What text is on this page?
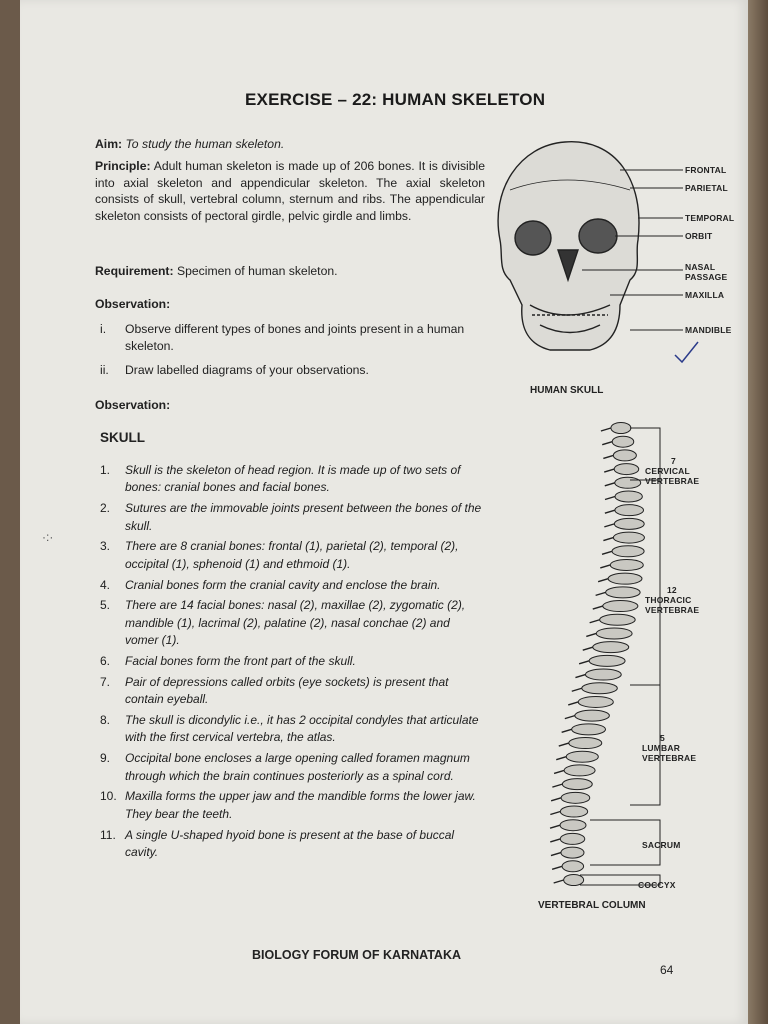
EXERCISE – 22: HUMAN SKELETON
Aim: To study the human skeleton.
Principle: Adult human skeleton is made up of 206 bones. It is divisible into axial skeleton and appendicular skeleton. The axial skeleton consists of skull, vertebral column, sternum and ribs. The appendicular skeleton consists of pectoral girdle, pelvic girdle and limbs.
Requirement: Specimen of human skeleton.
Observation:
i. Observe different types of bones and joints present in a human skeleton.
ii. Draw labelled diagrams of your observations.
Observation:
SKULL
1.	Skull is the skeleton of head region. It is made up of two sets of bones: cranial bones and facial bones.
2.	Sutures are the immovable joints present between the bones of the skull.
3.	There are 8 cranial bones: frontal (1), parietal (2), temporal (2), occipital (1), sphenoid (1) and ethmoid (1).
4.	Cranial bones form the cranial cavity and enclose the brain.
5.	There are 14 facial bones: nasal (2), maxillae (2), zygomatic (2), mandible (1), lacrimal (2), palatine (2), nasal conchae (2) and vomer (1).
6.	Facial bones form the front part of the skull.
7.	Pair of depressions called orbits (eye sockets) is present that contain eyeball.
8.	The skull is dicondylic i.e., it has 2 occipital condyles that articulate with the first cervical vertebra, the atlas.
9.	Occipital bone encloses a large opening called foramen magnum through which the brain continues posteriorly as a spinal cord.
10. Maxilla forms the upper jaw and the mandible forms the lower jaw. They bear the teeth.
11. A single U-shaped hyoid bone is present at the base of buccal cavity.
FRONTAL
PARIETAL
TEMPORAL
ORBIT
NASAL PASSAGE
MAXILLA
MANDIBLE
HUMAN SKULL
7
CERVICAL VERTEBRAE
12
THORACIC VERTEBRAE
5
LUMBAR VERTEBRAE
SACRUM
COCCYX
VERTEBRAL COLUMN
·:·
BIOLOGY FORUM OF KARNATAKA
64
